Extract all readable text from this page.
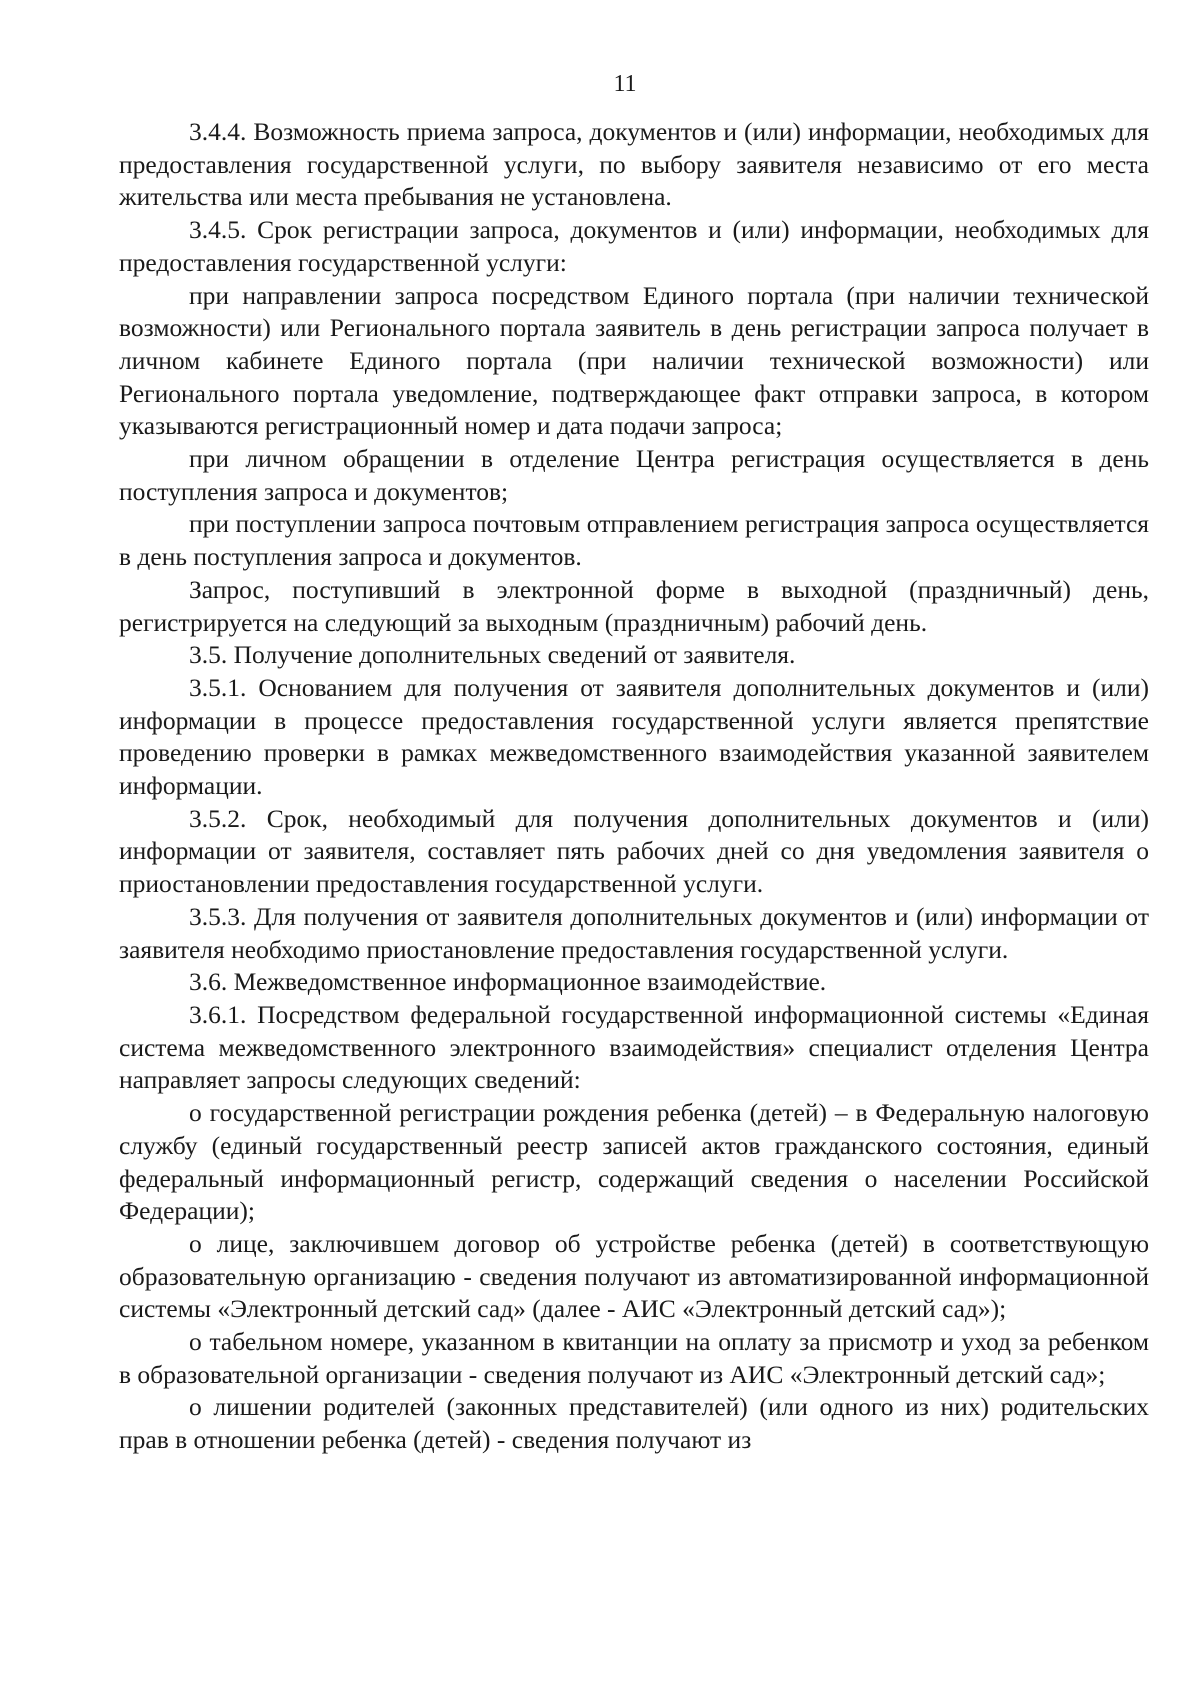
11

3.4.4. Возможность приема запроса, документов и (или) информации, необходимых для предоставления государственной услуги, по выбору заявителя независимо от его места жительства или места пребывания не установлена.

3.4.5. Срок регистрации запроса, документов и (или) информации, необходимых для предоставления государственной услуги:

при направлении запроса посредством Единого портала (при наличии технической возможности) или Регионального портала заявитель в день регистрации запроса получает в личном кабинете Единого портала (при наличии технической возможности) или Регионального портала уведомление, подтверждающее факт отправки запроса, в котором указываются регистрационный номер и дата подачи запроса;

при личном обращении в отделение Центра регистрация осуществляется в день поступления запроса и документов;

при поступлении запроса почтовым отправлением регистрация запроса осуществляется в день поступления запроса и документов.

Запрос, поступивший в электронной форме в выходной (праздничный) день, регистрируется на следующий за выходным (праздничным) рабочий день.

3.5. Получение дополнительных сведений от заявителя.

3.5.1. Основанием для получения от заявителя дополнительных документов и (или) информации в процессе предоставления государственной услуги является препятствие проведению проверки в рамках межведомственного взаимодействия указанной заявителем информации.

3.5.2. Срок, необходимый для получения дополнительных документов и (или) информации от заявителя, составляет пять рабочих дней со дня уведомления заявителя о приостановлении предоставления государственной услуги.

3.5.3. Для получения от заявителя дополнительных документов и (или) информации от заявителя необходимо приостановление предоставления государственной услуги.

3.6. Межведомственное информационное взаимодействие.

3.6.1. Посредством федеральной государственной информационной системы «Единая система межведомственного электронного взаимодействия» специалист отделения Центра направляет запросы следующих сведений:

о государственной регистрации рождения ребенка (детей) – в Федеральную налоговую службу (единый государственный реестр записей актов гражданского состояния, единый федеральный информационный регистр, содержащий сведения о населении Российской Федерации);

о лице, заключившем договор об устройстве ребенка (детей) в соответствующую образовательную организацию - сведения получают из автоматизированной информационной системы «Электронный детский сад» (далее - АИС «Электронный детский сад»);

о табельном номере, указанном в квитанции на оплату за присмотр и уход за ребенком в образовательной организации - сведения получают из АИС «Электронный детский сад»;

о лишении родителей (законных представителей) (или одного из них) родительских прав в отношении ребенка (детей) - сведения получают из
